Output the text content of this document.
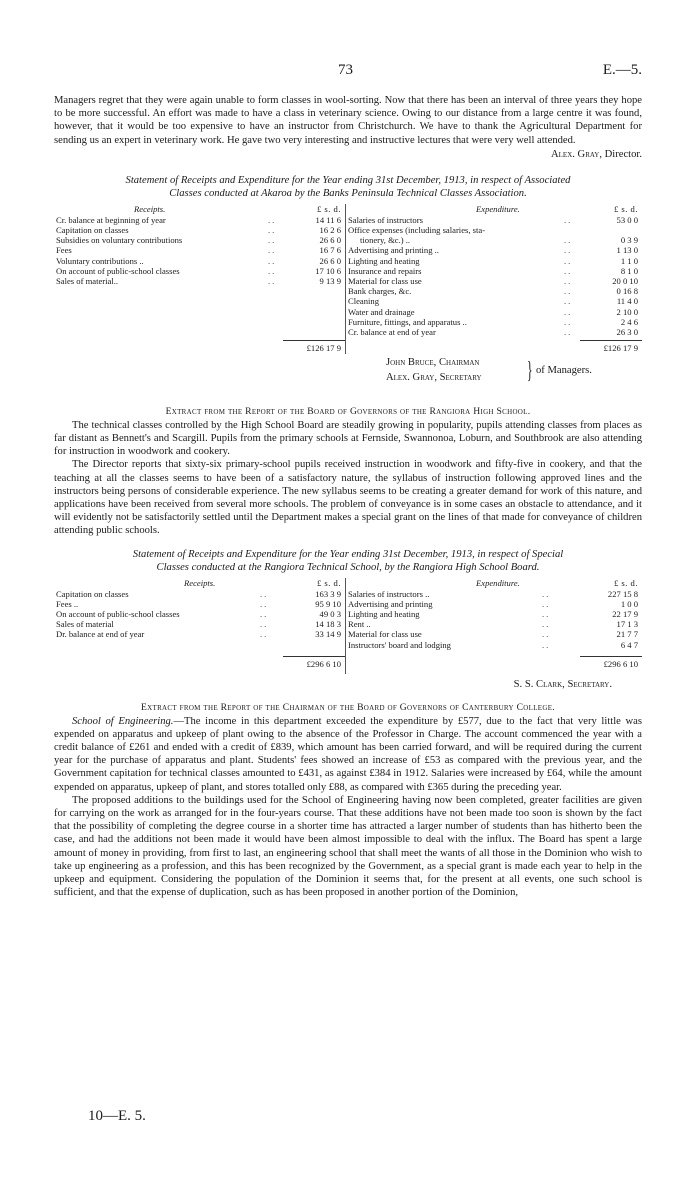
73	E.—5.

Managers regret that they were again unable to form classes in wool-sorting. Now that there has been an interval of three years they hope to be more successful. An effort was made to have a class in veterinary science. Owing to our distance from a large centre it was found, however, that it would be too expensive to have an instructor from Christchurch. We have to thank the Agricultural Department for sending us an expert in veterinary work. He gave two very interesting and instructive lectures that were very well attended.

Alex. Gray, Director.
Statement of Receipts and Expenditure for the Year ending 31st December, 1913, in respect of Associated
Classes conducted at Akaroa by the Banks Peninsula Technical Classes Association.
Receipts.	£ s. d.
Cr. balance at beginning of year	..	14 11 6
Capitation on classes	..	16 2 6
Subsidies on voluntary contributions	..	26 6 0
Fees	..	16 7 6
Voluntary contributions ..	..	26 6 0
On account of public-school classes	..	17 10 6
Sales of material..	..	9 13 9
£126 17 9
Expenditure.	£ s. d.
Salaries of instructors	..	53 0 0
Office expenses (including salaries, sta-
tionery, &c.) ..	..	0 3 9
Advertising and printing ..	..	1 13 0
Lighting and heating	..	1 1 0
Insurance and repairs	..	8 1 0
Material for class use	..	20 0 10
Bank charges, &c.	..	0 16 8
Cleaning	..	11 4 0
Water and drainage	..	2 10 0
Furniture, fittings, and apparatus ..	..	2 4 6
Cr. balance at end of year	..	26 3 0
£126 17 9
John Bruce, Chairman
Alex. Gray, Secretary } of Managers.
Extract from the Report of the Board of Governors of the Rangiora High School.

The technical classes controlled by the High School Board are steadily growing in popularity, pupils attending classes from places as far distant as Bennett's and Scargill. Pupils from the primary schools at Fernside, Swannonoa, Loburn, and Southbrook are also attending for instruction in woodwork and cookery.

The Director reports that sixty-six primary-school pupils received instruction in woodwork and fifty-five in cookery, and that the teaching at all the classes seems to have been of a satisfactory nature, the syllabus of instruction following approved lines and the instructors being persons of considerable experience. The new syllabus seems to be creating a greater demand for work of this nature, and applications have been received from several more schools. The problem of conveyance is in some cases an obstacle to attendance, and it will evidently not be satisfactorily settled until the Department makes a special grant on the lines of that made for conveyance of children attending public schools.

Statement of Receipts and Expenditure for the Year ending 31st December, 1913, in respect of Special
Classes conducted at the Rangiora Technical School, by the Rangiora High School Board.
Receipts.	£ s. d.
Capitation on classes	..	163 3 9
Fees ..	..	95 9 10
On account of public-school classes	..	49 0 3
Sales of material	..	14 18 3
Dr. balance at end of year	..	33 14 9
£296 6 10
Expenditure.	£ s. d.
Salaries of instructors ..	..	227 15 8
Advertising and printing	..	1 0 0
Lighting and heating	..	22 17 9
Rent ..	..	17 1 3
Material for class use	..	21 7 7
Instructors' board and lodging	..	6 4 7
£296 6 10
S. S. Clark, Secretary.
Extract from the Report of the Chairman of the Board of Governors of Canterbury College.

School of Engineering.—The income in this department exceeded the expenditure by £577, due to the fact that very little was expended on apparatus and upkeep of plant owing to the absence of the Professor in Charge. The account commenced the year with a credit balance of £261 and ended with a credit of £839, which amount has been carried forward, and will be required during the current year for the purchase of apparatus and plant. Students' fees showed an increase of £53 as compared with the previous year, and the Government capitation for technical classes amounted to £431, as against £384 in 1912. Salaries were increased by £64, while the amount expended on apparatus, upkeep of plant, and stores totalled only £88, as compared with £365 during the preceding year.

The proposed additions to the buildings used for the School of Engineering having now been completed, greater facilities are given for carrying on the work as arranged for in the four-years course. That these additions have not been made too soon is shown by the fact that the possibility of completing the degree course in a shorter time has attracted a larger number of students than has hitherto been the case, and had the additions not been made it would have been almost impossible to deal with the influx. The Board has spent a large amount of money in providing, from first to last, an engineering school that shall meet the wants of all those in the Dominion who wish to take up engineering as a profession, and this has been recognized by the Government, as a special grant is made each year to help in the upkeep and equipment. Considering the population of the Dominion it seems that, for the present at all events, one such school is sufficient, and that the expense of duplication, such as has been proposed in another portion of the Dominion,

10—E. 5.
